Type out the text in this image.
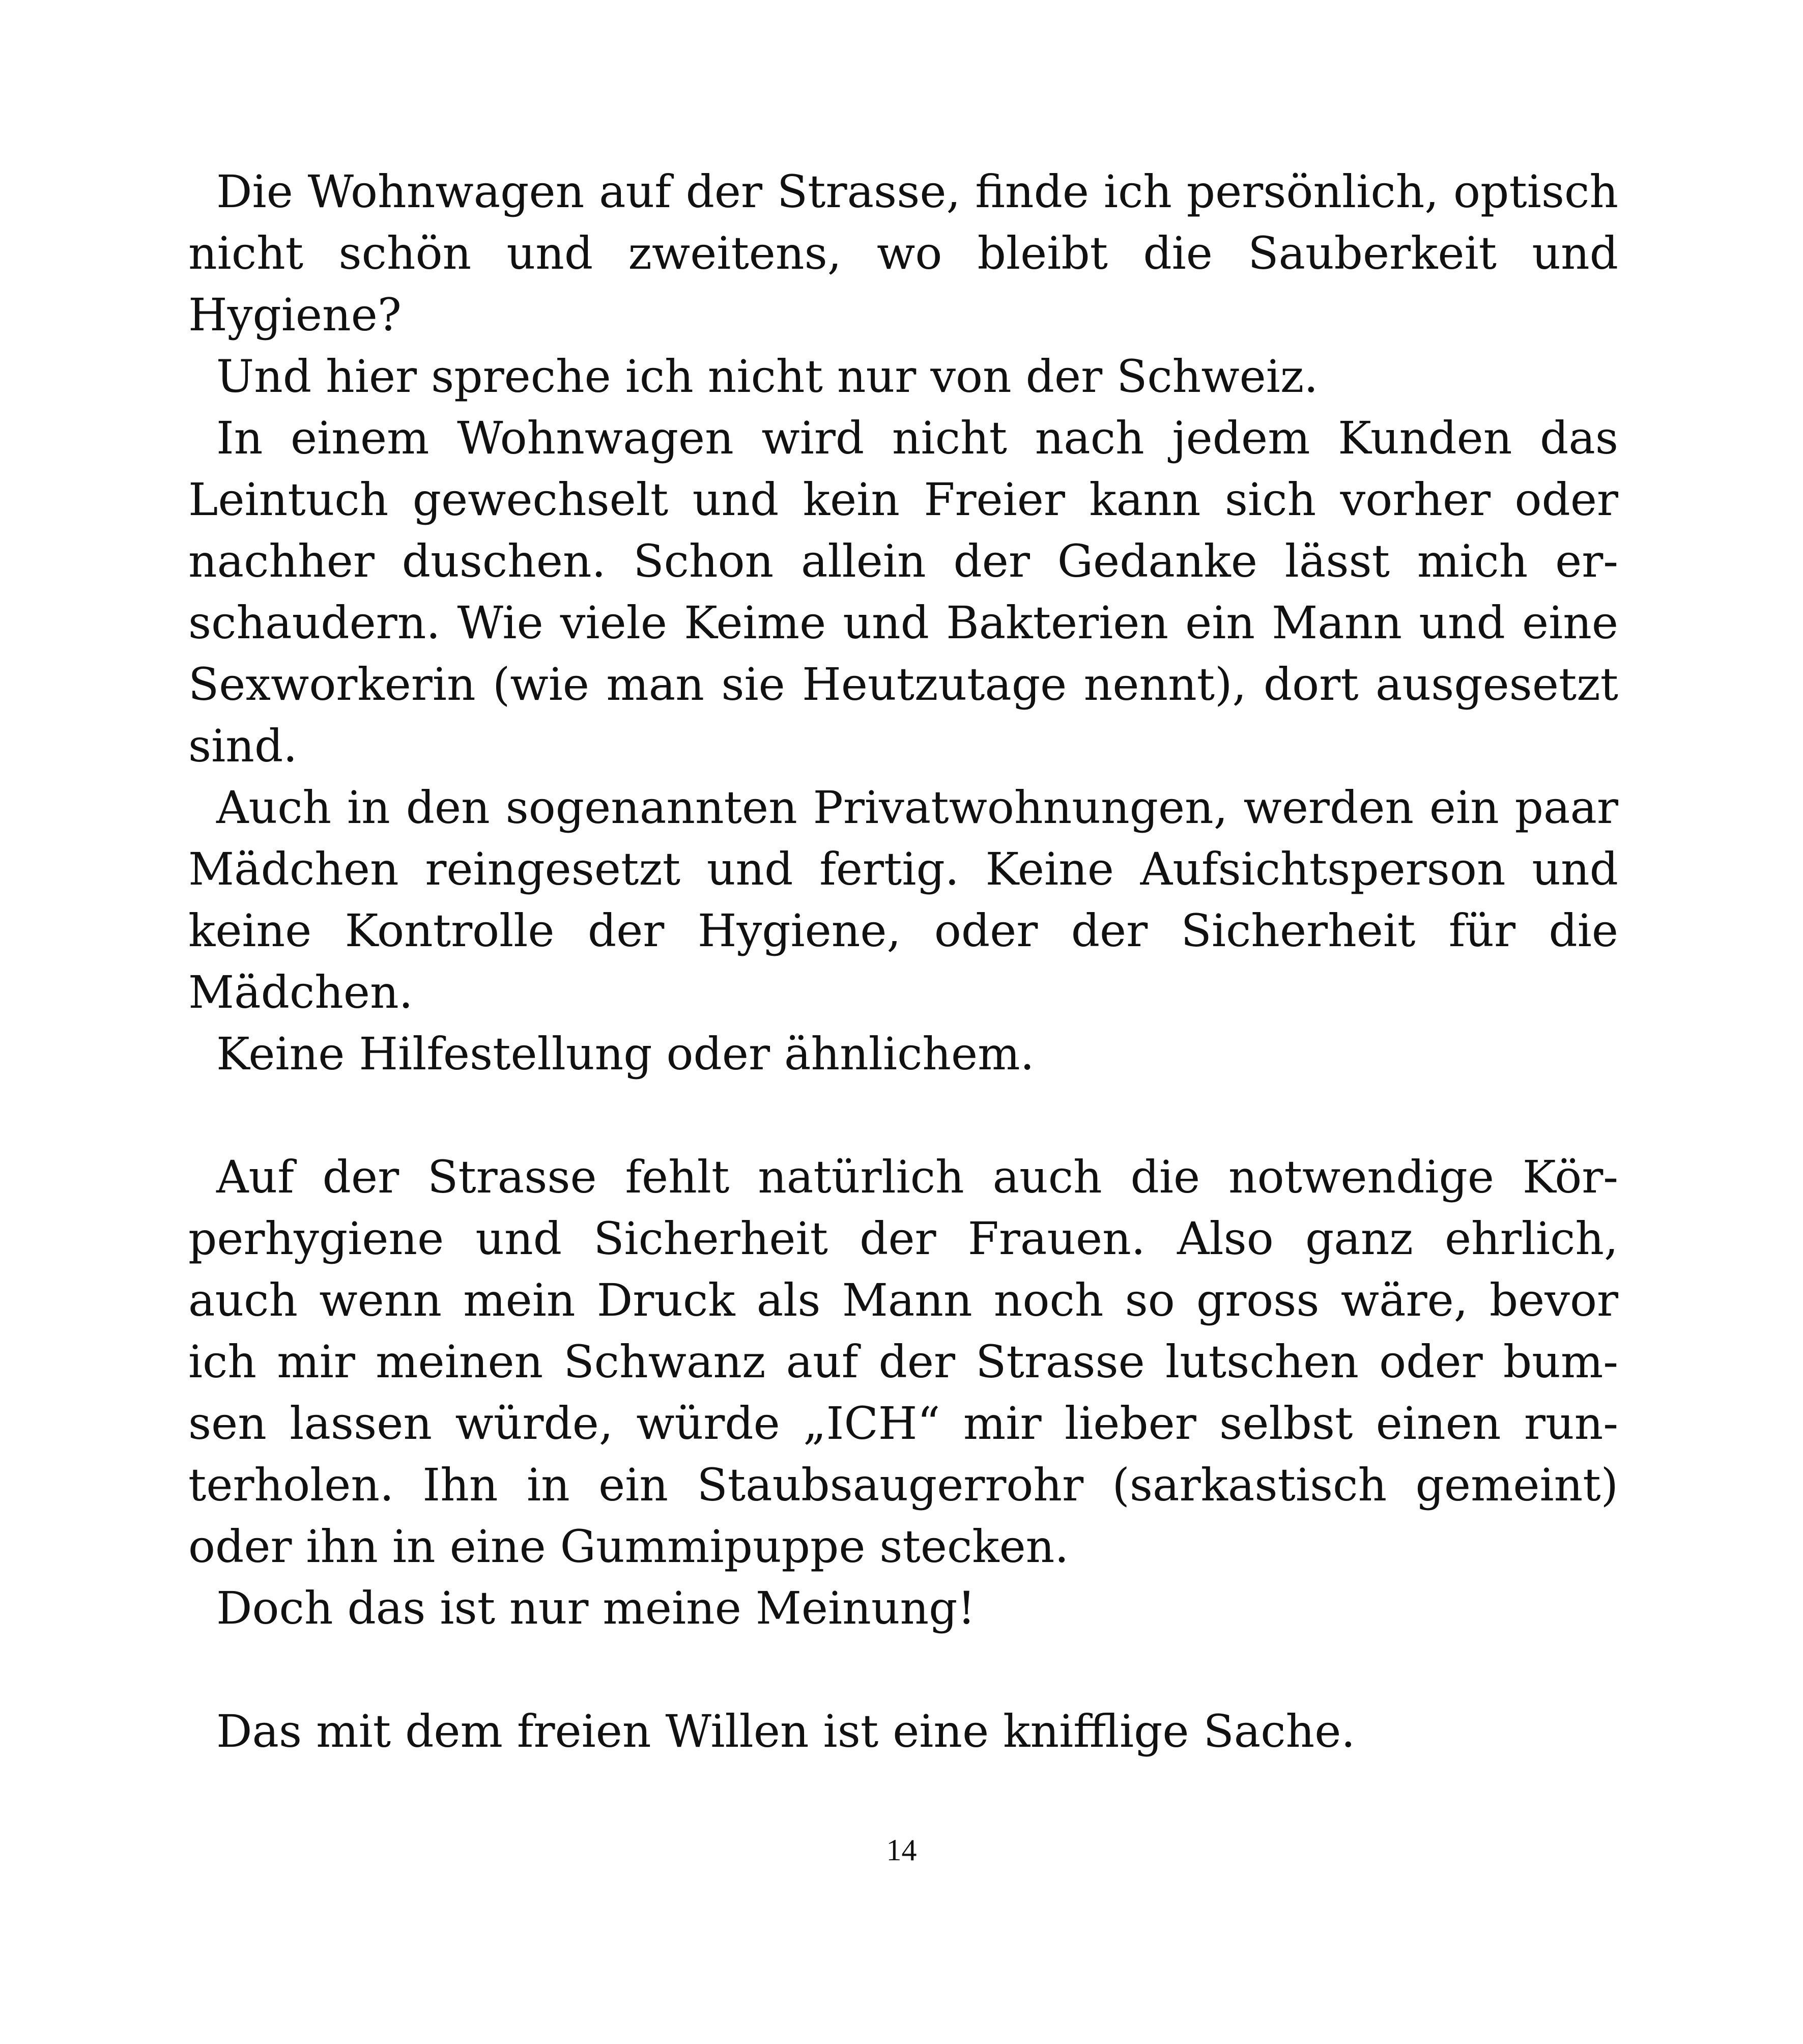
Die Wohnwagen auf der Strasse, finde ich persönlich, optisch nicht schön und zweitens, wo bleibt die Sauberkeit und Hygiene?

Und hier spreche ich nicht nur von der Schweiz.

In einem Wohnwagen wird nicht nach jedem Kunden das Leintuch gewechselt und kein Freier kann sich vorher oder nachher duschen. Schon allein der Gedanke lässt mich erschaudern. Wie viele Keime und Bakterien ein Mann und eine Sexworkerin (wie man sie Heutzutage nennt), dort ausgesetzt sind.

Auch in den sogenannten Privatwohnungen, werden ein paar Mädchen reingesetzt und fertig. Keine Aufsichtsperson und keine Kontrolle der Hygiene, oder der Sicherheit für die Mädchen.

Keine Hilfestellung oder ähnlichem.

Auf der Strasse fehlt natürlich auch die notwendige Körperhygiene und Sicherheit der Frauen. Also ganz ehrlich, auch wenn mein Druck als Mann noch so gross wäre, bevor ich mir meinen Schwanz auf der Strasse lutschen oder bumsen lassen würde, würde „ICH“ mir lieber selbst einen runterholen. Ihn in ein Staubsaugerrohr (sarkastisch gemeint) oder ihn in eine Gummipuppe stecken.

Doch das ist nur meine Meinung!

Das mit dem freien Willen ist eine knifflige Sache.

14
